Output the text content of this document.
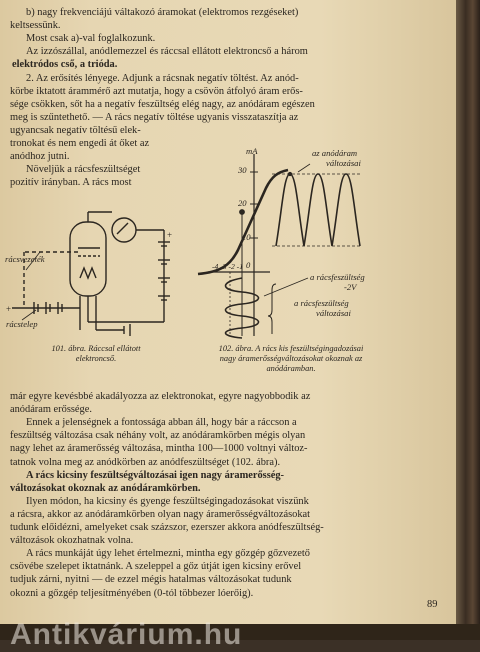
b) nagy frekvenciájú váltakozó áramokat (elektromos rezgéseket)
keltsessünk.
Most csak a)-val foglalkozunk.
Az izzószállal, anódlemezzel és ráccsal ellátott elektroncső a három
elektródos cső, a trióda.
2. Az erősítés lényege. Adjunk a rácsnak negatív töltést. Az anód-
körbe iktatott árammérő azt mutatja, hogy a csövön átfolyó áram erős-
sége csökken, sőt ha a negatív feszültség elég nagy, az anódáram egészen
meg is szűntethető. — A rács negatív töltése ugyanis visszataszítja az
ugyancsak negatív töltésű elek-
tronokat és nem engedi át őket az
anódhoz jutni.
Növeljük a rácsfeszültséget
pozitív irányban. A rács most
+
+
rácsvezeték
rácstelep
101. ábra. Ráccsal ellátott
elektroncső.
mA
30
20
10
0
-4 -3 -2 -1
az anódáram
változásai
a rácsfeszültség
-2V
a rácsfeszültség
változásai
102. ábra. A rács kis feszültségingadozásai
nagy áramerősségváltozásokat okoznak az
anódáramban.
már egyre kevésbbé akadályozza az elektronokat, egyre nagyobbodik az
anódáram erőssége.
Ennek a jelenségnek a fontossága abban áll, hogy bár a ráccson a
feszültség változása csak néhány volt, az anódáramkörben mégis olyan
nagy lehet az áramerősség változása, mintha 100—1000 voltnyi változ-
tatnok volna meg az anódkörben az anódfeszültséget (102. ábra).
A rács kicsiny feszültségváltozásai igen nagy áramerősség-
változásokat okoznak az anódáramkörben.
Ilyen módon, ha kicsiny és gyenge feszültségingadozásokat viszünk
a rácsra, akkor az anódáramkörben olyan nagy áramerősségváltozásokat
tudunk előidézni, amelyeket csak százszor, ezerszer akkora anódfeszültség-
változások okozhatnak volna.
A rács munkáját úgy lehet értelmezni, mintha egy gőzgép gőzvezető
csövébe szelepet iktatnánk. A szeleppel a gőz útját igen kicsiny erővel
tudjuk zárni, nyitni — de ezzel mégis hatalmas változásokat tudunk
okozni a gőzgép teljesítményében (0-tól többezer lóerőig).
89
Antikvárium.hu
